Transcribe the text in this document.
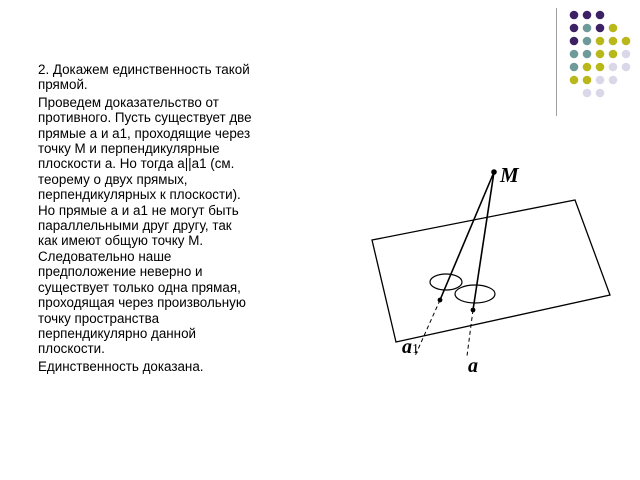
2. Докажем единственность такой
прямой.
Проведем доказательство от
противного. Пусть существует две
прямые а и а1, проходящие через
точку М и перпендикулярные
плоскости а. Но тогда а||а1 (см.
теорему о двух прямых,
перпендикулярных к плоскости).
Но прямые а и а1 не могут быть
параллельными друг другу, так
как имеют общую точку М.
Следовательно наше
предположение неверно и
существует только одна прямая,
проходящая через произвольную
точку пространства
перпендикулярно данной
плоскости.
Единственность доказана.
M
a1
a
